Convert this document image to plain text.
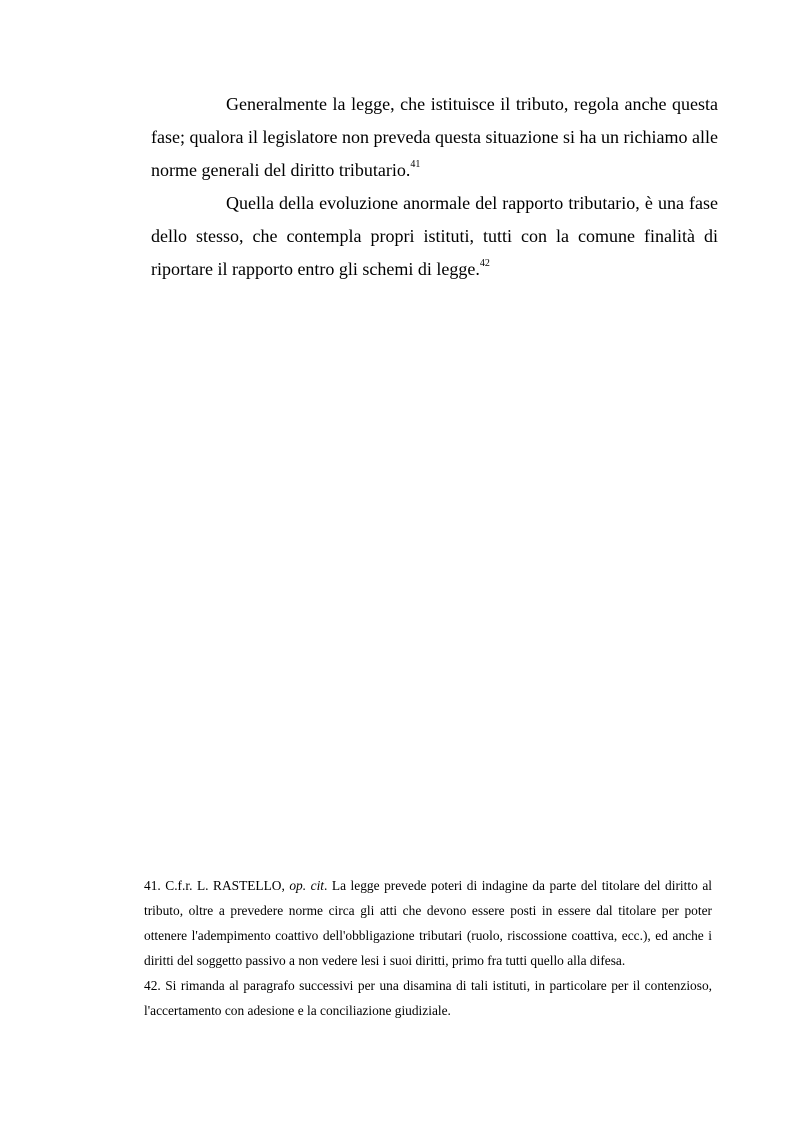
Generalmente la legge, che istituisce il tributo, regola anche questa fase; qualora il legislatore non preveda questa situazione si ha un richiamo alle norme generali del diritto tributario.$^{41}$

Quella della evoluzione anormale del rapporto tributario, è una fase dello stesso, che contempla propri istituti, tutti con la comune finalità di riportare il rapporto entro gli schemi di legge.$^{42}$

41. C.f.r. L. RASTELLO, op. cit. La legge prevede poteri di indagine da parte del titolare del diritto al tributo, oltre a prevedere norme circa gli atti che devono essere posti in essere dal titolare per poter ottenere l'adempimento coattivo dell'obbligazione tributari (ruolo, riscossione coattiva, ecc.), ed anche i diritti del soggetto passivo a non vedere lesi i suoi diritti, primo fra tutti quello alla difesa.

42. Si rimanda al paragrafo successivi per una disamina di tali istituti, in particolare per il contenzioso, l'accertamento con adesione e la conciliazione giudiziale.
